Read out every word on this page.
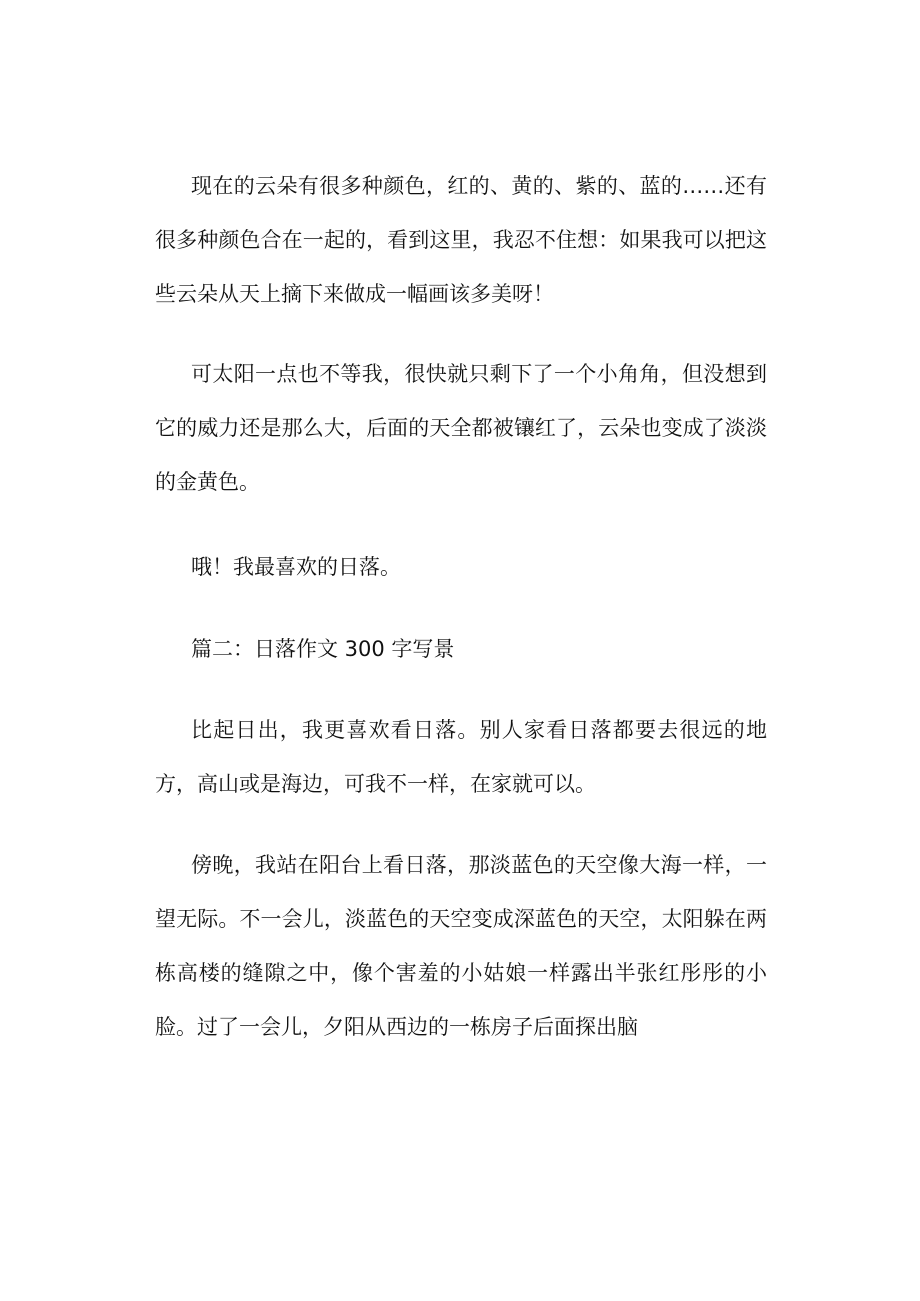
现在的云朵有很多种颜色，红的、黄的、紫的、蓝的……还有很多种颜色合在一起的，看到这里，我忍不住想：如果我可以把这些云朵从天上摘下来做成一幅画该多美呀！

可太阳一点也不等我，很快就只剩下了一个小角角，但没想到它的威力还是那么大，后面的天全都被镶红了，云朵也变成了淡淡的金黄色。

哦！我最喜欢的日落。

篇二：日落作文 300 字写景

比起日出，我更喜欢看日落。别人家看日落都要去很远的地方，高山或是海边，可我不一样，在家就可以。

傍晚，我站在阳台上看日落，那淡蓝色的天空像大海一样，一望无际。不一会儿，淡蓝色的天空变成深蓝色的天空，太阳躲在两栋高楼的缝隙之中，像个害羞的小姑娘一样露出半张红彤彤的小脸。过了一会儿，夕阳从西边的一栋房子后面探出脑
